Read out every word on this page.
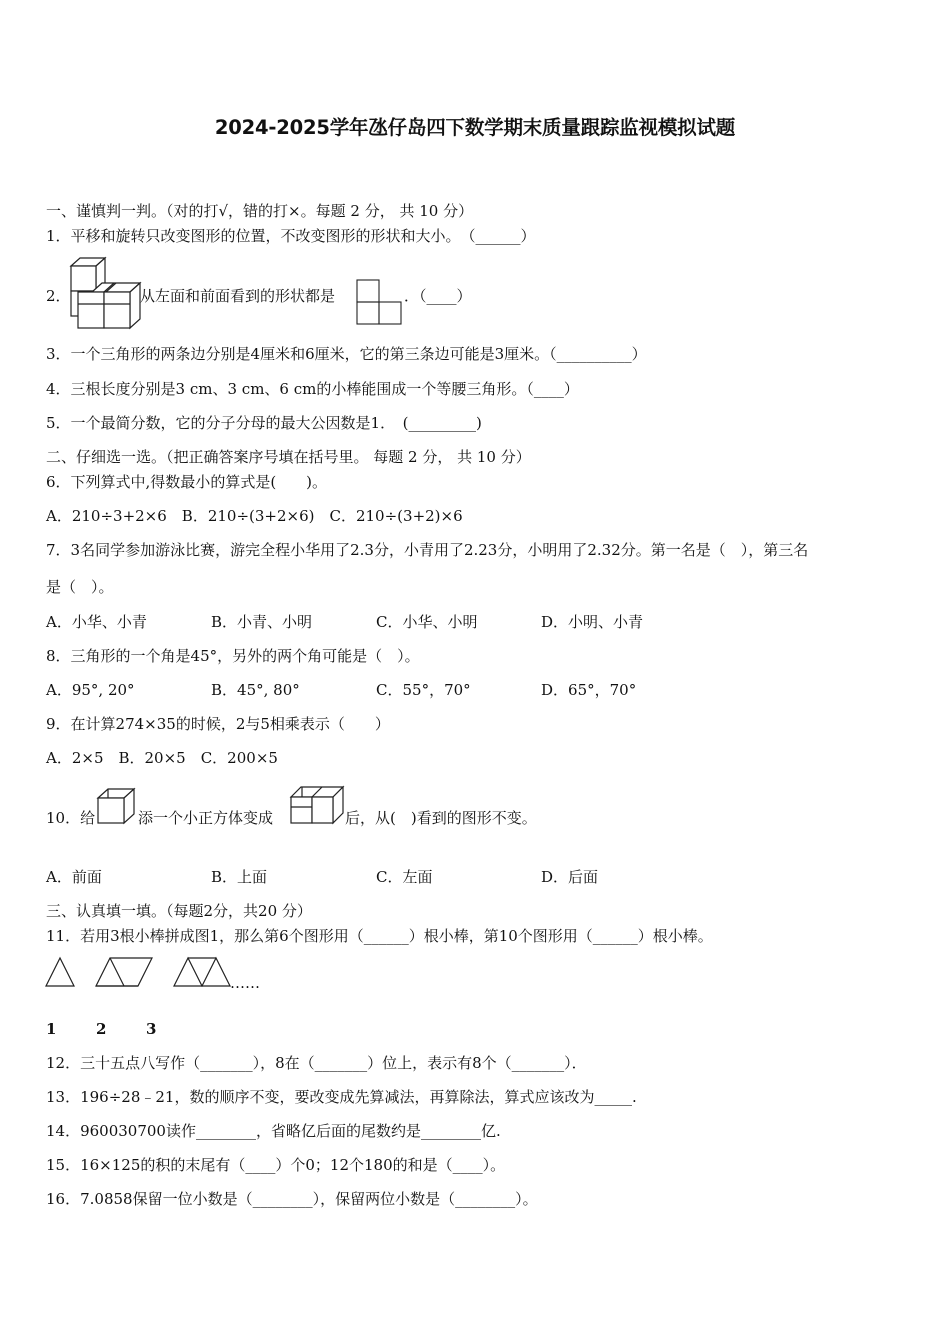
2024-2025学年氹仔岛四下数学期末质量跟踪监视模拟试题
一、谨慎判一判。（对的打√，错的打×。每题 2 分， 共 10 分）
1．平移和旋转只改变图形的位置，不改变图形的形状和大小。　（______）
2．	从左面和前面看到的形状都是	．（____）
3．一个三角形的两条边分别是4厘米和6厘米，它的第三条边可能是3厘米。（__________）
4．三根长度分别是3 cm、3 cm、6 cm的小棒能围成一个等腰三角形。（____）
5．一个最简分数，它的分子分母的最大公因数是1．　(_________)
二、仔细选一选。（把正确答案序号填在括号里。 每题 2 分， 共 10 分）
6．下列算式中,得数最小的算式是(　　)。
A．210÷3+2×6　B．210÷(3+2×6)　C．210÷(3+2)×6
7．3名同学参加游泳比赛，游完全程小华用了2.3分，小青用了2.23分，小明用了2.32分。第一名是（　），第三名
是（　）。
A．小华、小青	B．小青、小明	C．小华、小明	D．小明、小青
8．三角形的一个角是45°，另外的两个角可能是（　）。
A．95°, 20°	B．45°, 80°	C．55°，70°	D．65°，70°
9．在计算274×35的时候，2与5相乘表示（　　）
A．2×5　B．20×5　C．200×5
10．给	添一个小正方体变成	后，从(　)看到的图形不变。
A．前面	B．上面	C．左面	D．后面
三、认真填一填。（每题2分，共20 分）
11．若用3根小棒拼成图1，那么第6个图形用（______）根小棒，第10个图形用（______）根小棒。
……
1	2	3
12．三十五点八写作（_______），8在（_______）位上，表示有8个（_______）．
13．196÷28﹣21，数的顺序不变，要改变成先算减法，再算除法，算式应该改为_____.
14．960030700读作________，省略亿后面的尾数约是________亿.
15．16×125的积的末尾有（____）个0；12个180的和是（____）。
16．7.0858保留一位小数是（________），保留两位小数是（________）。
